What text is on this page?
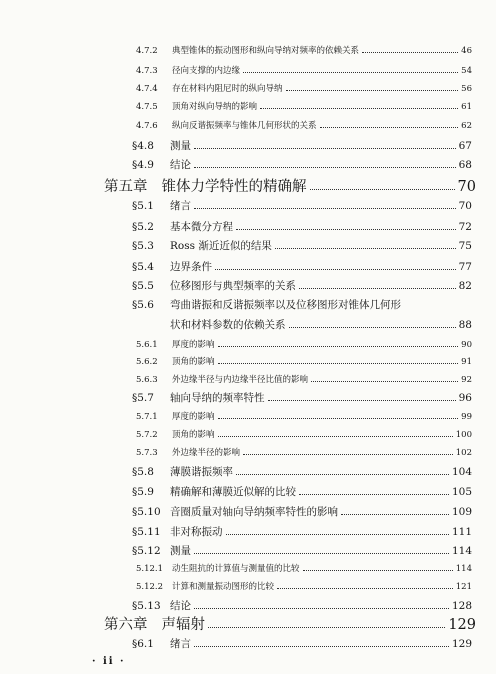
4.7.2	典型锥体的振动图形和纵向导纳对频率的依赖关系	46
4.7.3	径向支撑的内边缘	54
4.7.4	存在材料内阻尼时的纵向导纳	56
4.7.5	顶角对纵向导纳的影响	61
4.7.6	纵向反谐振频率与锥体几何形状的关系	62
§4.8	测量	67
§4.9	结论	68
第五章 锥体力学特性的精确解	70
§5.1	绪言	70
§5.2	基本微分方程	72
§5.3	Ross 渐近近似的结果	75
§5.4	边界条件	77
§5.5	位移图形与典型频率的关系	82
§5.6	弯曲谐振和反谐振频率以及位移图形对锥体几何形
状和材料参数的依赖关系	88
5.6.1	厚度的影响	90
5.6.2	顶角的影响	91
5.6.3	外边缘半径与内边缘半径比值的影响	92
§5.7	轴向导纳的频率特性	96
5.7.1	厚度的影响	99
5.7.2	顶角的影响	100
5.7.3	外边缘半径的影响	102
§5.8	薄膜谐振频率	104
§5.9	精确解和薄膜近似解的比较	105
§5.10 音圈质量对轴向导纳频率特性的影响	109
§5.11 非对称振动	111
§5.12 测量	114
5.12.1	动生阻抗的计算值与测量值的比较	114
5.12.2	计算和测量振动图形的比较	121
§5.13 结论	128
第六章 声辐射	129
§6.1	绪言	129
· ii ·
